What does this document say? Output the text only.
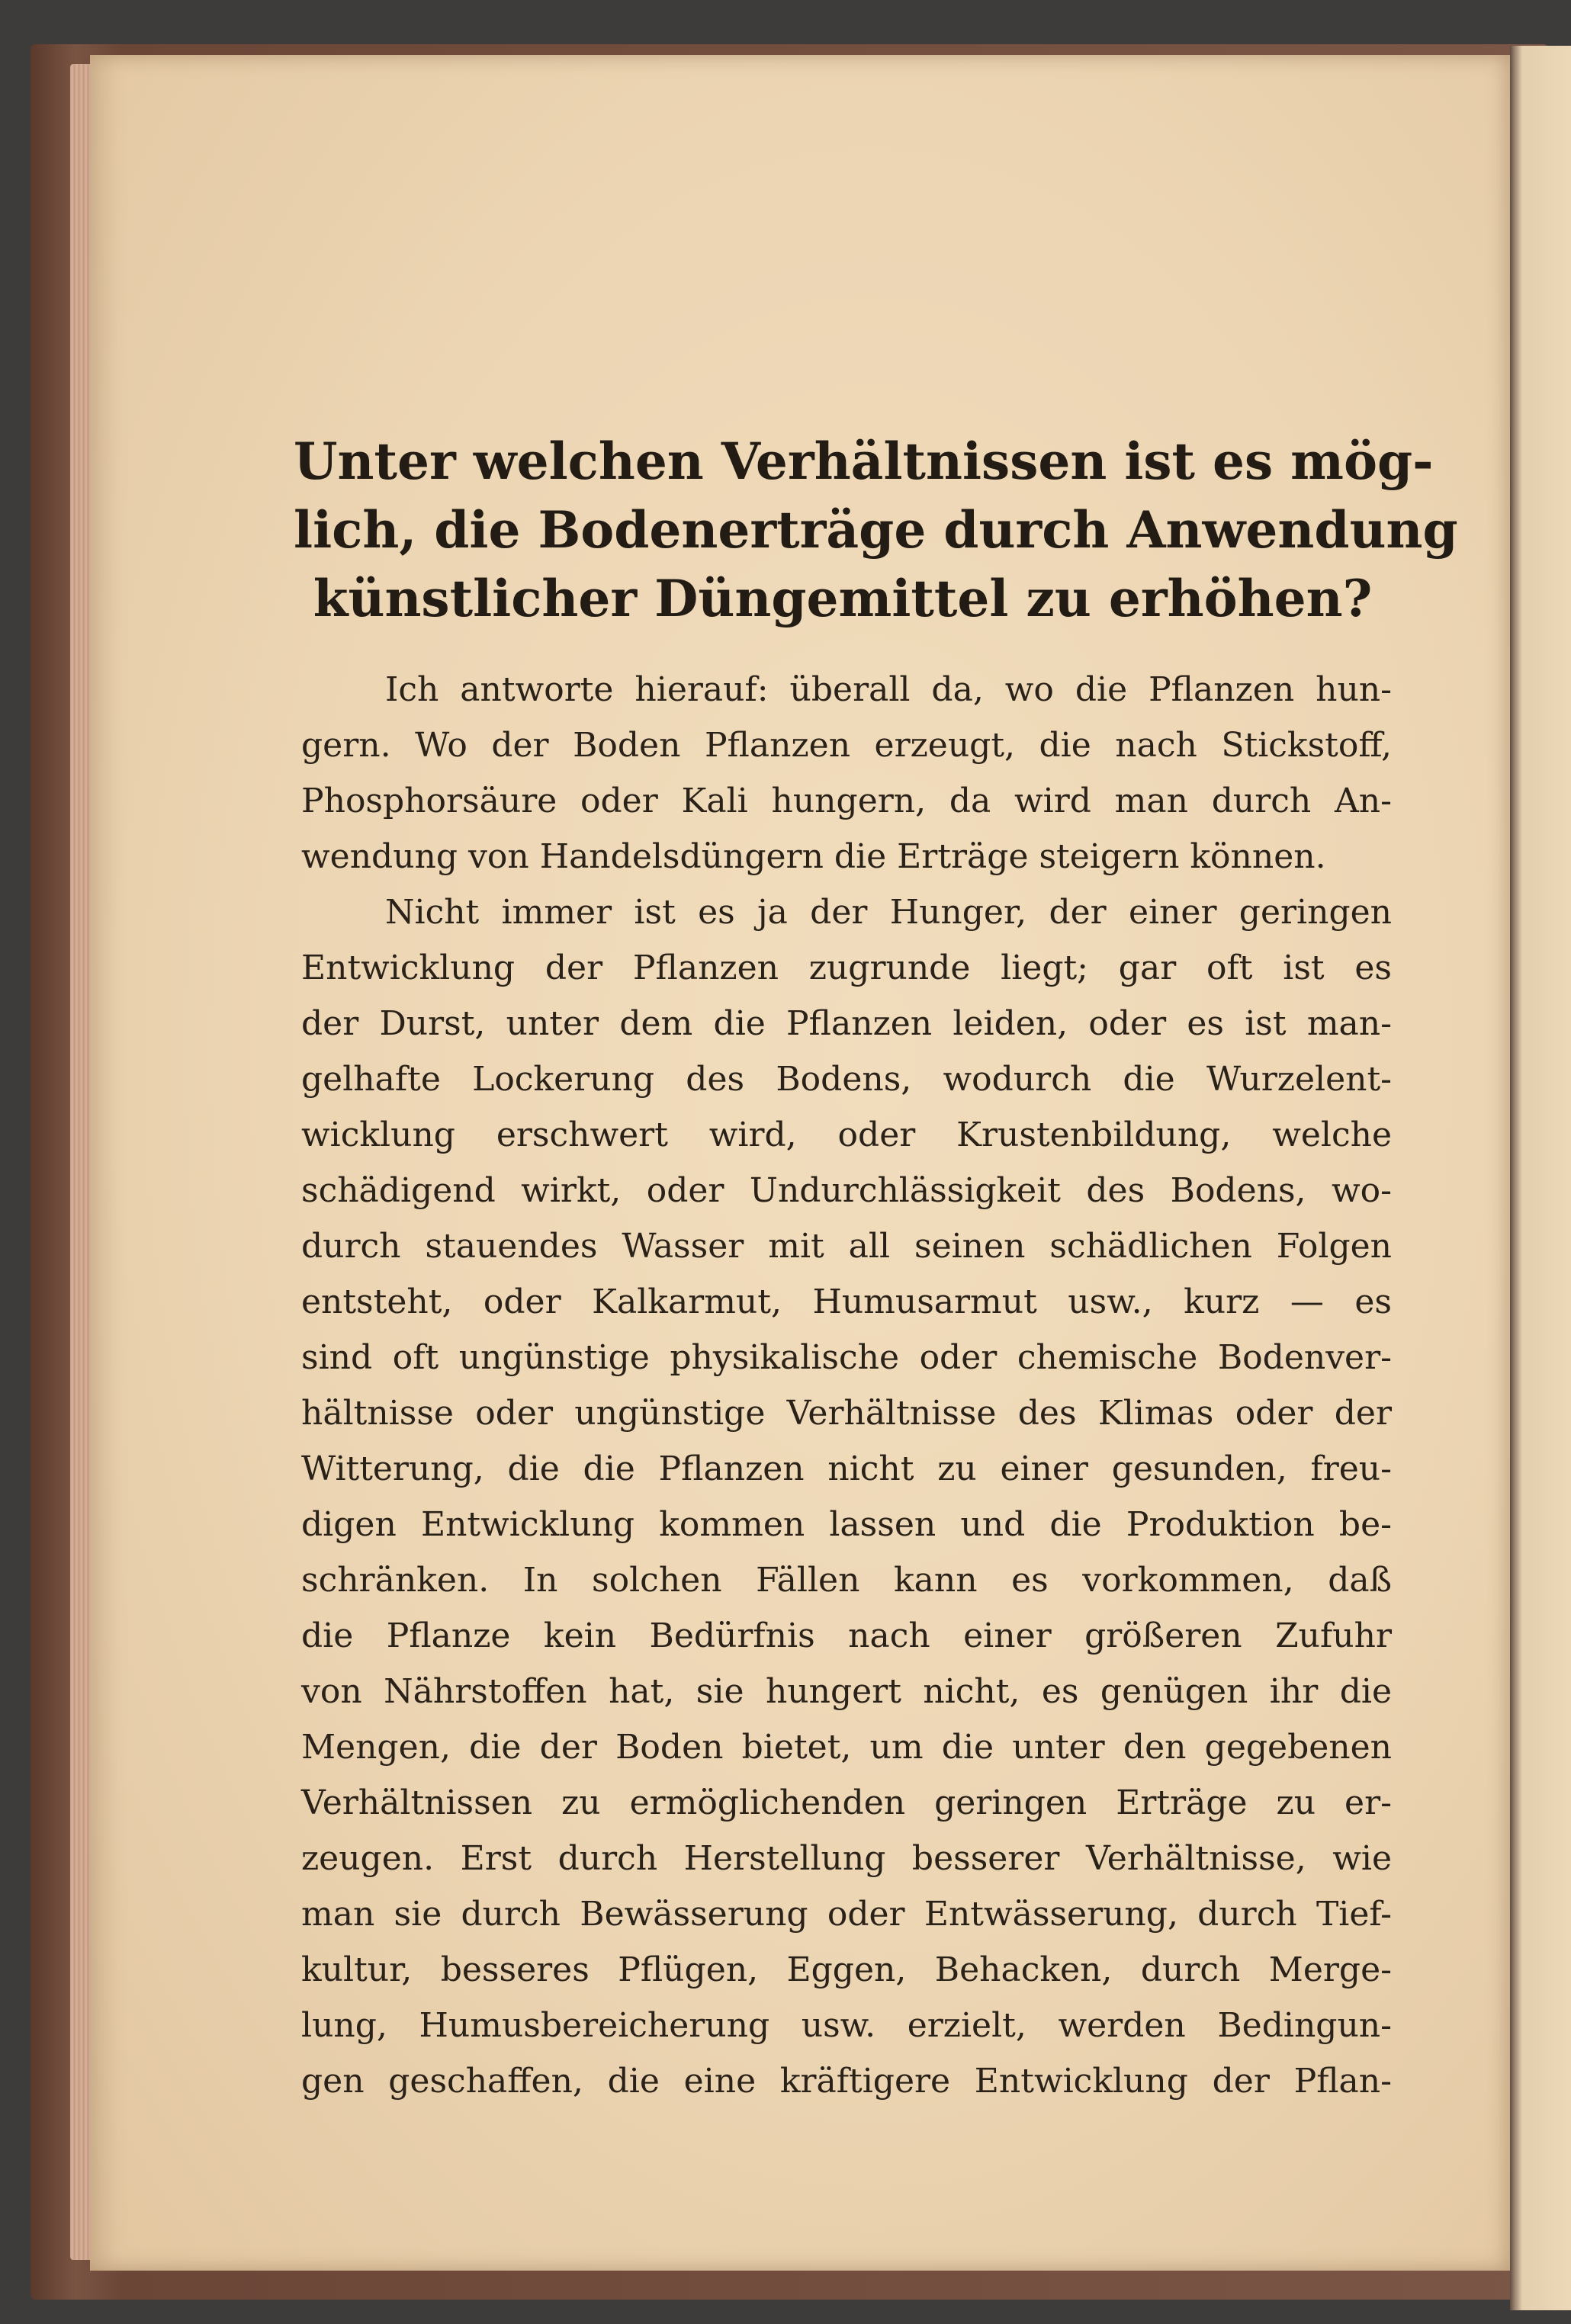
Unter welchen Verhältnissen ist es mög-
lich, die Bodenerträge durch Anwendung
künstlicher Düngemittel zu erhöhen?
Ich antworte hierauf: überall da, wo die Pflanzen hun-
gern. Wo der Boden Pflanzen erzeugt, die nach Stickstoff,
Phosphorsäure oder Kali hungern, da wird man durch An-
wendung von Handelsdüngern die Erträge steigern können.
Nicht immer ist es ja der Hunger, der einer geringen
Entwicklung der Pflanzen zugrunde liegt; gar oft ist es
der Durst, unter dem die Pflanzen leiden, oder es ist man-
gelhafte Lockerung des Bodens, wodurch die Wurzelent-
wicklung erschwert wird, oder Krustenbildung, welche
schädigend wirkt, oder Undurchlässigkeit des Bodens, wo-
durch stauendes Wasser mit all seinen schädlichen Folgen
entsteht, oder Kalkarmut, Humusarmut usw., kurz — es
sind oft ungünstige physikalische oder chemische Bodenver-
hältnisse oder ungünstige Verhältnisse des Klimas oder der
Witterung, die die Pflanzen nicht zu einer gesunden, freu-
digen Entwicklung kommen lassen und die Produktion be-
schränken. In solchen Fällen kann es vorkommen, daß
die Pflanze kein Bedürfnis nach einer größeren Zufuhr
von Nährstoffen hat, sie hungert nicht, es genügen ihr die
Mengen, die der Boden bietet, um die unter den gegebenen
Verhältnissen zu ermöglichenden geringen Erträge zu er-
zeugen. Erst durch Herstellung besserer Verhältnisse, wie
man sie durch Bewässerung oder Entwässerung, durch Tief-
kultur, besseres Pflügen, Eggen, Behacken, durch Merge-
lung, Humusbereicherung usw. erzielt, werden Bedingun-
gen geschaffen, die eine kräftigere Entwicklung der Pflan-
